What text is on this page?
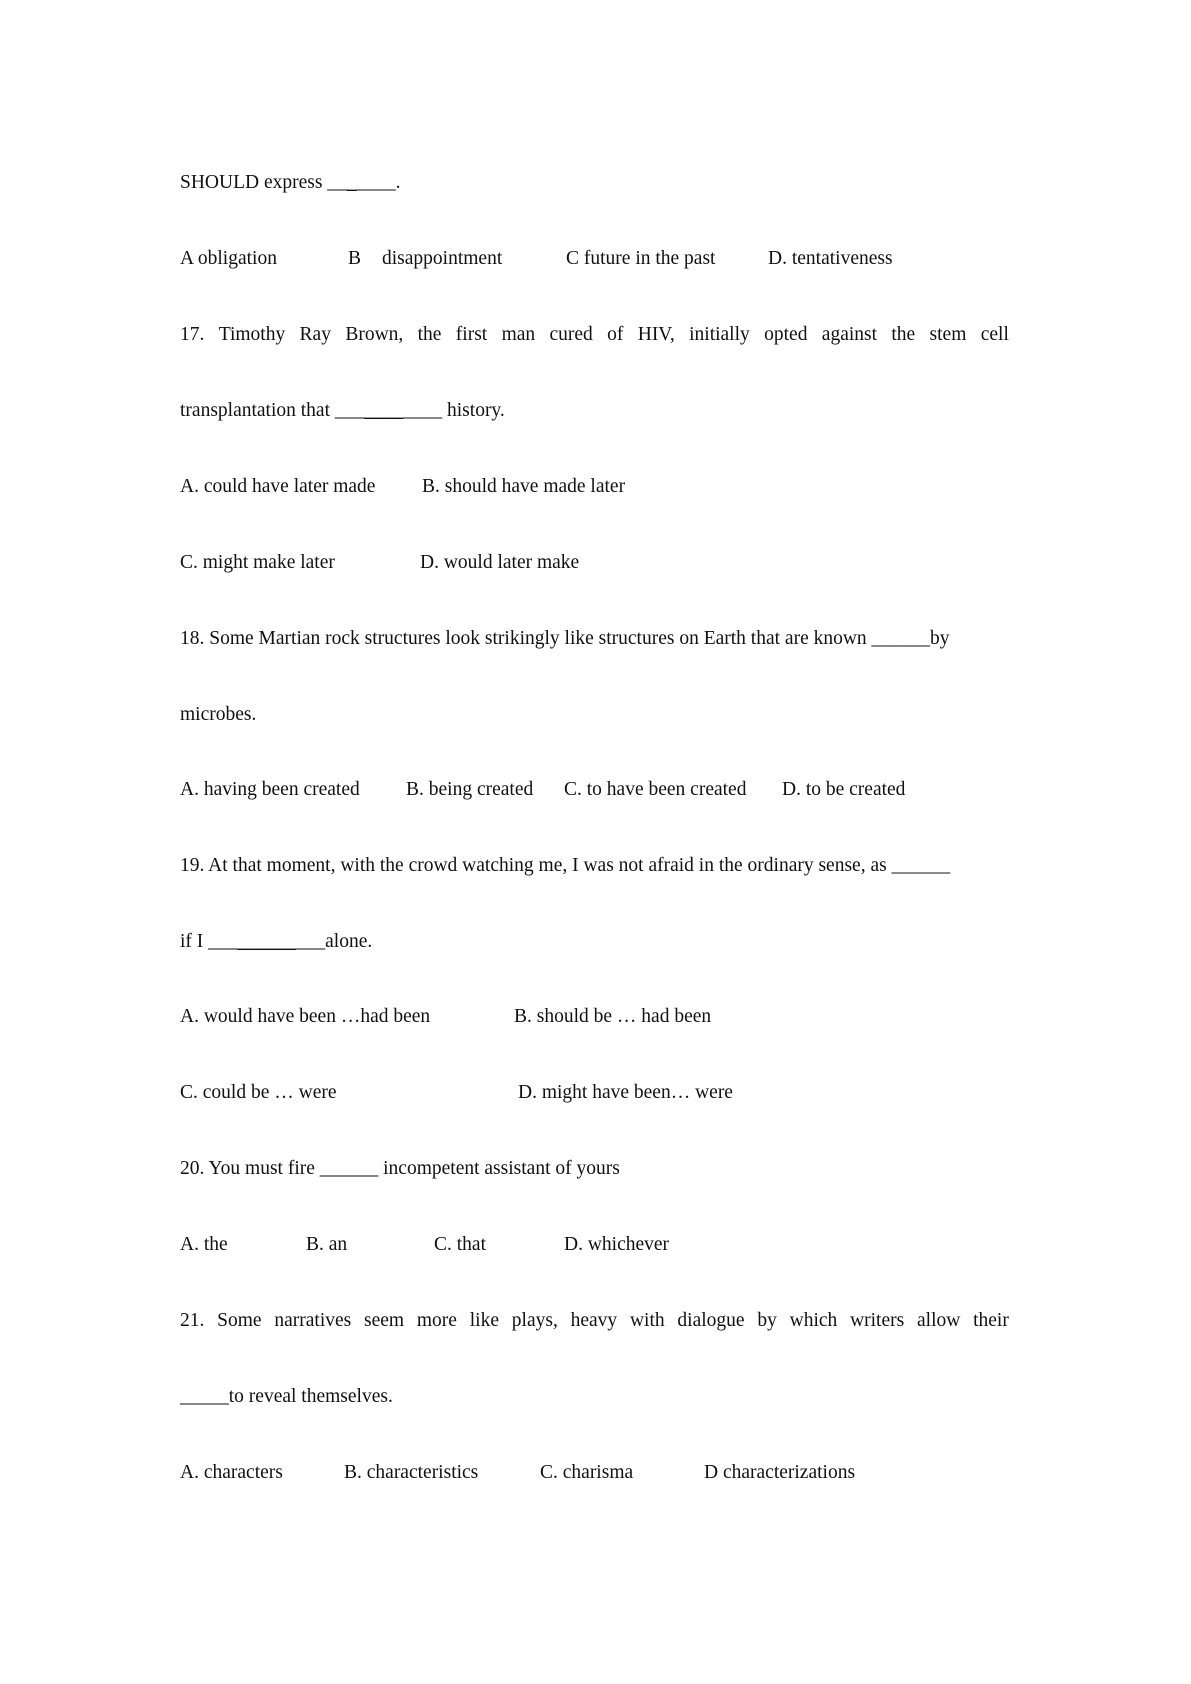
SHOULD express _______.
A obligation	B disappointment	C future in the past	D. tentativeness
17. Timothy Ray Brown, the first man cured of HIV, initially opted against the stem cell
transplantation that ___________ history.
A. could have later made B. should have made later
C. might make later	D. would later make
18. Some Martian rock structures look strikingly like structures on Earth that are known ______by
microbes.
A. having been created B. being created C. to have been created D. to be created
19. At that moment, with the crowd watching me, I was not afraid in the ordinary sense, as ______
if I ____________alone.
A. would have been …had been	B. should be … had been
C. could be … were	D. might have been… were
20. You must fire ______ incompetent assistant of yours
A. the	B. an	C. that	D. whichever
21. Some narratives seem more like plays, heavy with dialogue by which writers allow their
_____to reveal themselves.
A. characters	B. characteristics	C. charisma	D characterizations
